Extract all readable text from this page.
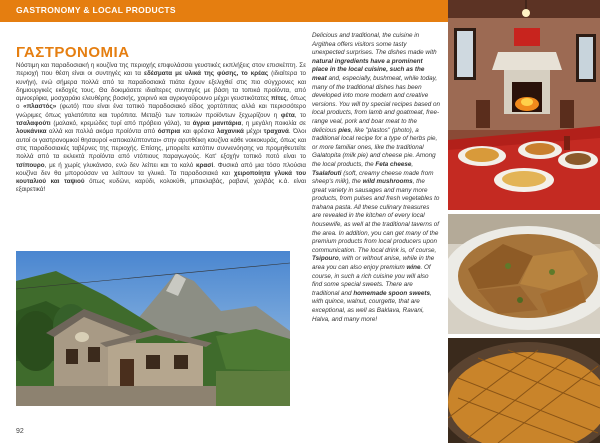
GASTRONOMY & LOCAL PRODUCTS
ΓΑΣΤΡΟΝΟΜΙΑ
Νόστιμη και παραδοσιακή η κουζίνα της περιοχής επιφυλάσσει γευστικές εκπλήξεις στον επισκέπτη. Σε περιοχή που θέση είναι οι συντηγές και τα εδέσματα με υλικά της φύσης, το κρέας (ιδιαίτερα το κυνήγι), ενώ σήμερα πολλά από τα παραδοσιακά πιάτα έχουν εξελιχθεί στις πιο σύγχρονες και δημιουργικές εκδοχές τους. Θα δοκιμάσετε ιδιαίτερες συνταγές με βάση τα τοπικά προϊόντα, από αμνοερίφια, μοσχαράκι ελευθέρης βοσκής, χοιρινό και αγριογούρουνο μέχρι γευστικότατες πίτες, όπως ο «πλαστός» (φωτό) που είναι ένα τοπικό παραδοσιακό είδος χορτόπιτας αλλά και περισσότερο γνώριμες όπως γαλατόπιτα και τυρόπιτα. Μεταξύ των τοπικών προϊόντων ξεχωρίζουν η φέτα, το τσαλαφούτι (μαλακό, κρεμώδες τυρί από πρόβειο γάλα), τα άγρια μανιτάρια, η μεγάλη ποικιλία σε λουκάνικα αλλά και πολλά ακόμα προϊόντα από όσπρια και φρέσκα λαχανικά μέχρι τραχανά. Όλοι αυτοί οι γαστρονομικοί θησαυροί «αποκαλύπτονται» στην αρυτθέικη κουζίνα κάθε νοικοκυράς, όπως και στις παραδοσιακές ταβέρνες της περιοχής. Επίσης, μπορείτε κατόπιν συννενόησης να προμηθευτείτε πολλά από τα εκλεκτά προϊόντα από ντόπιους παραγωγούς. Κατ' εξοχήν τοπικό ποτό είναι το τσίπουρο, με ή χωρίς γλυκάνισο, ενώ δεν λείπει και το καλό κρασί. Φυσικά από μια τόσο πλούσια κουζίνα δεν θα μπορούσαν να λείπουν τα γλυκά. Τα παραδοσιακά και χειροποίητα γλυκά του κουταλιού και ταψιού όπως κυδώνι, καρύδι, κολοκύθι, μπακλαβάς, ραβανί, χαλβάς κ.ά. είναι εξαιρετικά!
Delicious and traditional, the cuisine in Argithea offers visitors some tasty unexpected surprises. The dishes made with natural ingredients have a prominent place in the local cuisine, such as the meat and, especially, bushmeat, while today, many of the traditional dishes has been developed into more modern and creative versions. You will try special recipes based on local products, from lamb and goatmeat, free-range veal, pork and boar meat to the delicious pies, like "plastos" (photo), a traditional local recipe for a type of herbs pie, or more familiar ones, like the traditional Galatopita (milk pie) and cheese pie. Among the local products, the Feta cheese, Tsalafouti (soft, creamy cheese made from sheep's milk), the wild mushrooms, the great variety in sausages and many more products, from pulses and fresh vegetables to trahana pasta. All these culinary treasures are revealed in the kitchen of every local housewife, as well at the traditional taverns of the area. In addition, you can get many of the premium products from local producers upon communication. The local drink is, of course, Tsipouro, with or without anise, while in the area you can also enjoy premium wine. Of course, in such a rich cuisine you will also find some special sweets. There are traditional and homemade spoon sweets, with quince, walnut, courgette, that are exceptional, as well as Baklava, Ravani, Halva, and many more!
92
